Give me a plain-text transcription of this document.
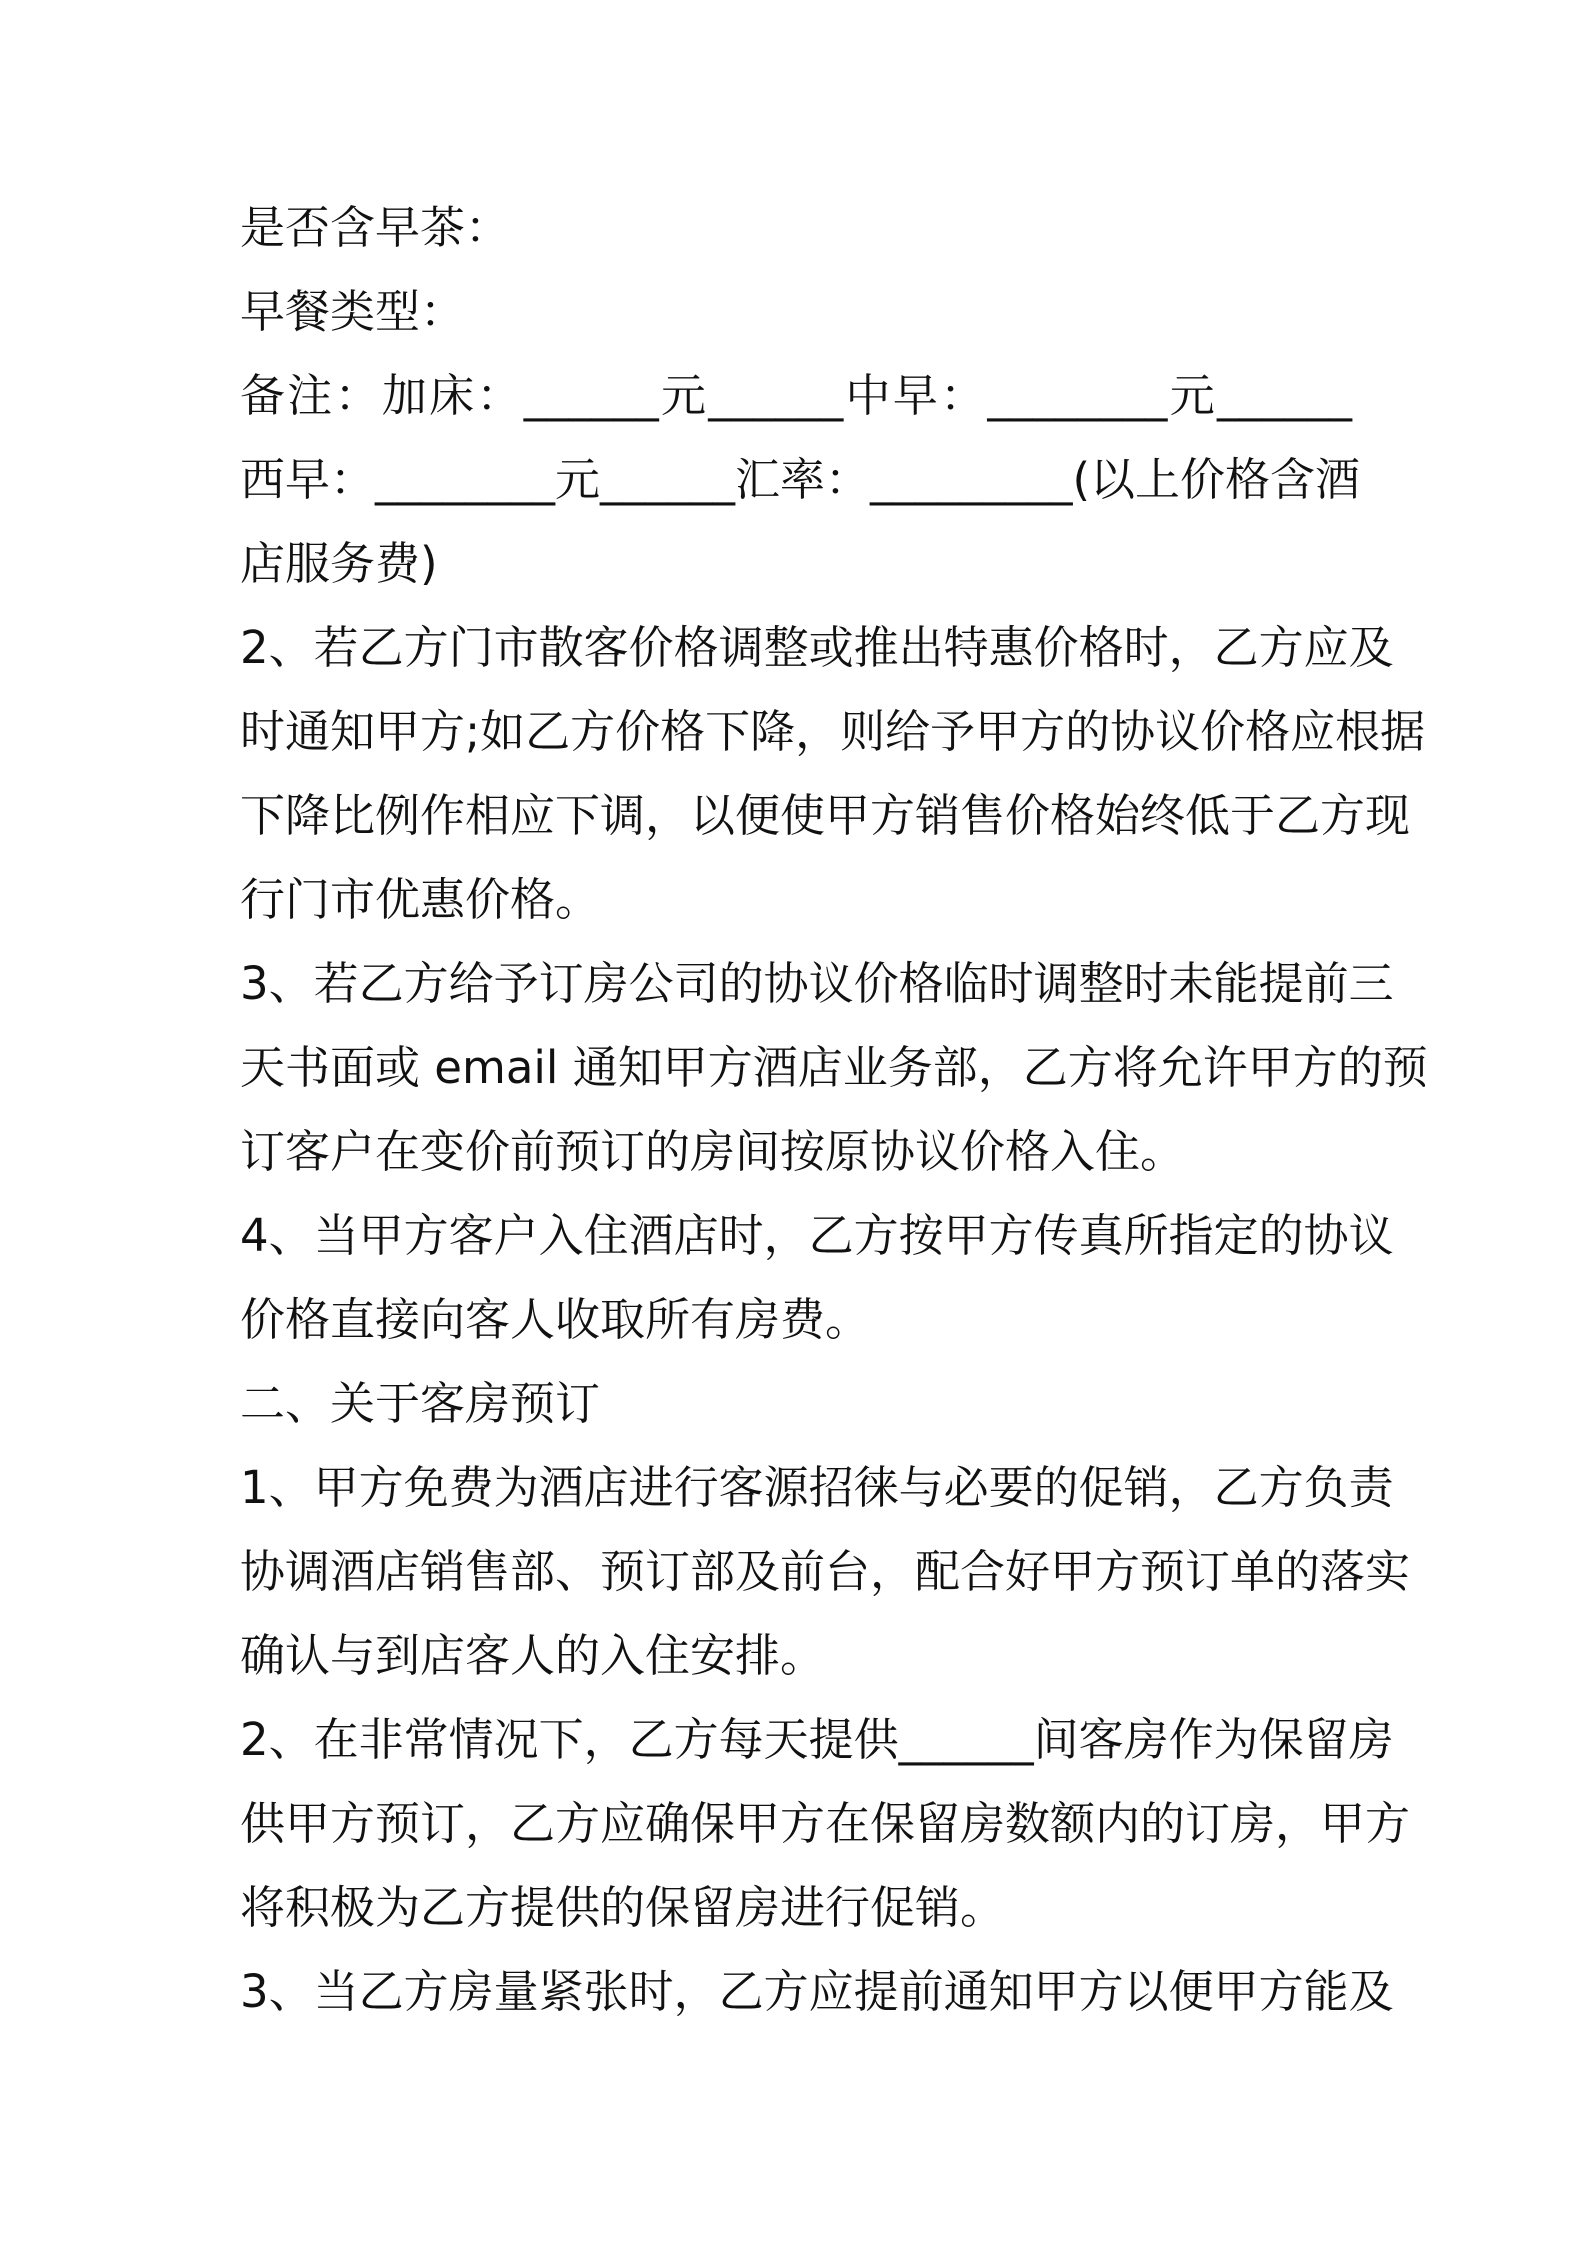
是否含早茶：
早餐类型：
备注：加床：______元______中早：________元______
西早：________元______汇率：_________(以上价格含酒
店服务费)
2、若乙方门市散客价格调整或推出特惠价格时，乙方应及
时通知甲方;如乙方价格下降，则给予甲方的协议价格应根据
下降比例作相应下调，以便使甲方销售价格始终低于乙方现
行门市优惠价格。
3、若乙方给予订房公司的协议价格临时调整时未能提前三
天书面或 email 通知甲方酒店业务部，乙方将允许甲方的预
订客户在变价前预订的房间按原协议价格入住。
4、当甲方客户入住酒店时，乙方按甲方传真所指定的协议
价格直接向客人收取所有房费。
二、关于客房预订
1、甲方免费为酒店进行客源招徕与必要的促销，乙方负责
协调酒店销售部、预订部及前台，配合好甲方预订单的落实
确认与到店客人的入住安排。
2、在非常情况下，乙方每天提供______间客房作为保留房
供甲方预订，乙方应确保甲方在保留房数额内的订房，甲方
将积极为乙方提供的保留房进行促销。
3、当乙方房量紧张时，乙方应提前通知甲方以便甲方能及
